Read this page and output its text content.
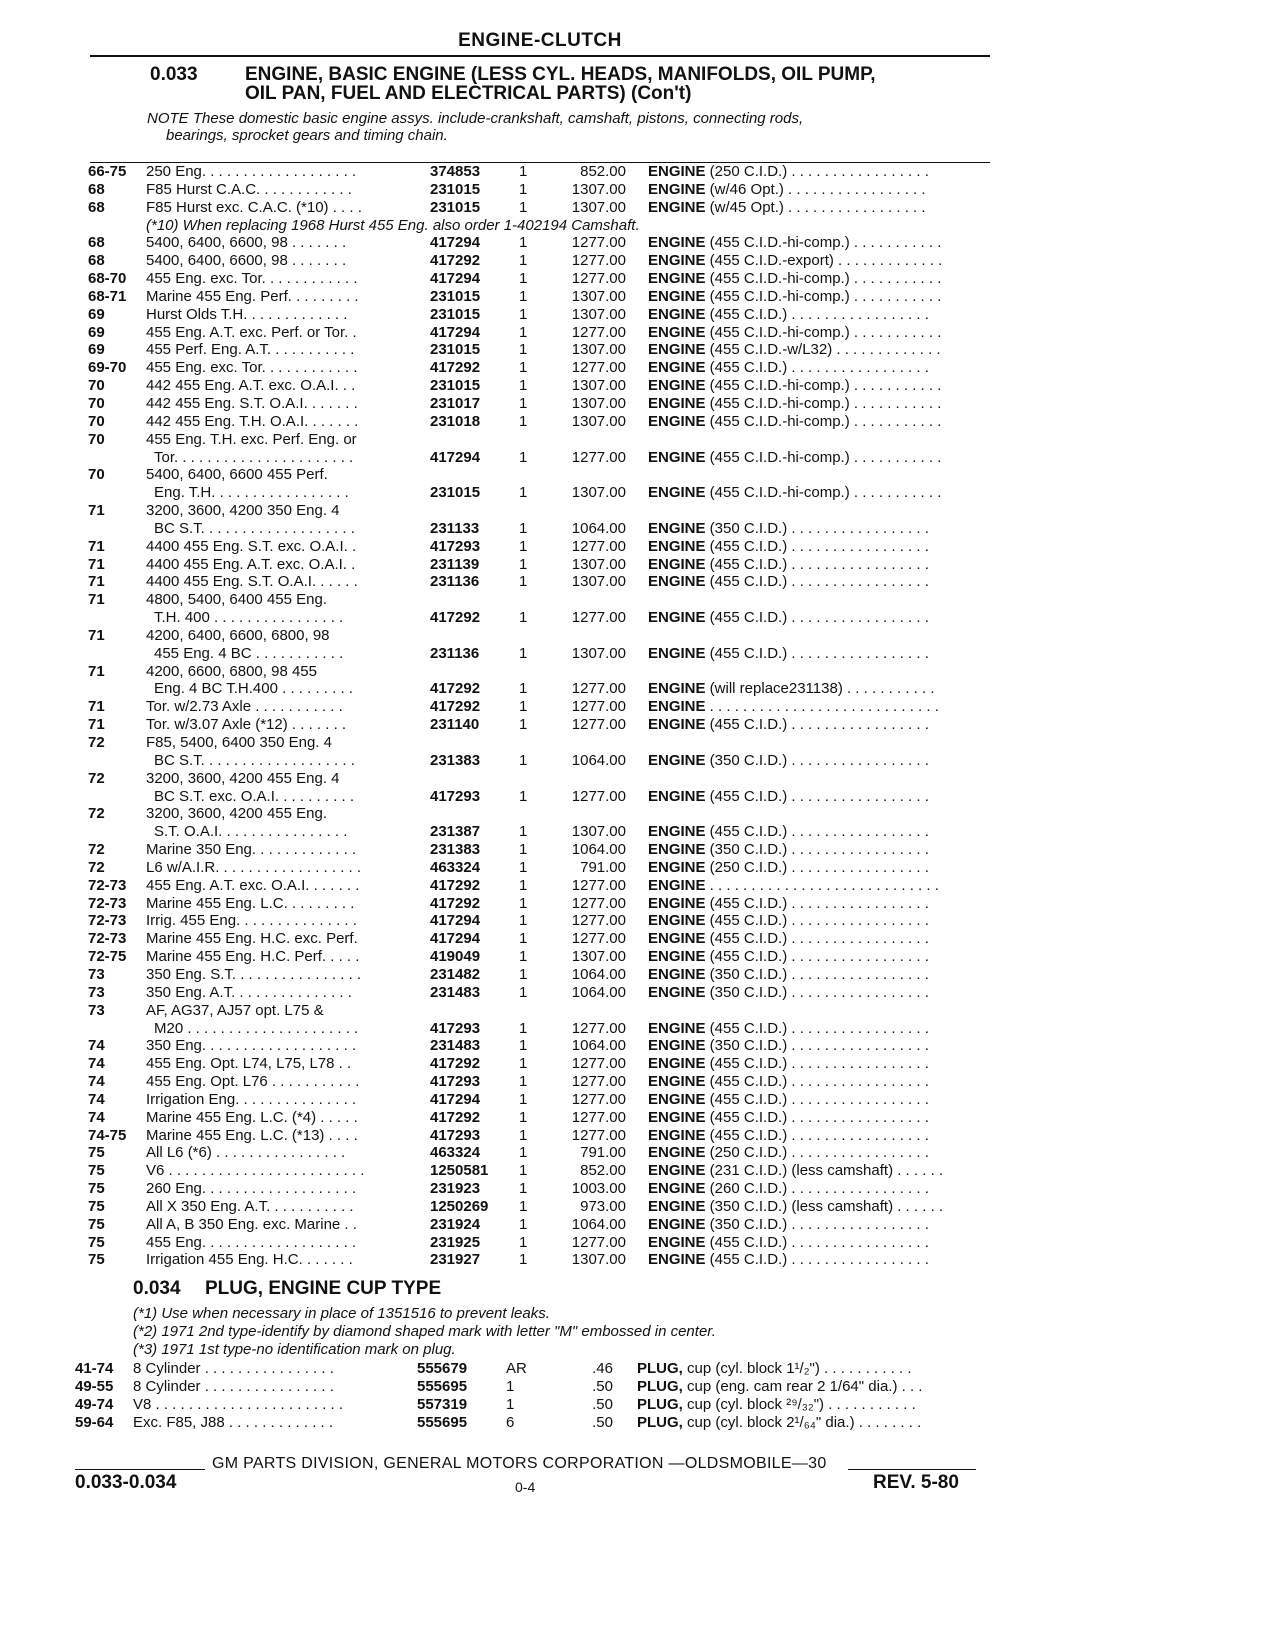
ENGINE-CLUTCH
0.033 ENGINE, BASIC ENGINE (LESS CYL. HEADS, MANIFOLDS, OIL PUMP,
OIL PAN, FUEL AND ELECTRICAL PARTS) (Con't)
NOTE These domestic basic engine assys. include-crankshaft, camshaft, pistons, connecting rods,
bearings, sprocket gears and timing chain.
66-75 250 Eng. . . . . . . . . . . . . . . . . . .	374853	1	852.00 ENGINE (250 C.I.D.) . . . . . . . . . . . . . . . . .
68	F85 Hurst C.A.C. . . . . . . . . . . .	231015	1	1307.00 ENGINE (w/46 Opt.) . . . . . . . . . . . . . . . . .
68	F85 Hurst exc. C.A.C. (*10) . . . .	231015	1	1307.00 ENGINE (w/45 Opt.) . . . . . . . . . . . . . . . . .
(*10) When replacing 1968 Hurst 455 Eng. also order 1-402194 Camshaft.
68	5400, 6400, 6600, 98 . . . . . . .	417294	1	1277.00 ENGINE (455 C.I.D.-hi-comp.) . . . . . . . . . . .
68	5400, 6400, 6600, 98 . . . . . . .	417292	1	1277.00 ENGINE (455 C.I.D.-export) . . . . . . . . . . . . .
68-70 455 Eng. exc. Tor. . . . . . . . . . . .	417294	1	1277.00 ENGINE (455 C.I.D.-hi-comp.) . . . . . . . . . . .
68-71 Marine 455 Eng. Perf. . . . . . . . .	231015	1	1307.00 ENGINE (455 C.I.D.-hi-comp.) . . . . . . . . . . .
69	Hurst Olds T.H. . . . . . . . . . . . .	231015	1	1307.00 ENGINE (455 C.I.D.) . . . . . . . . . . . . . . . . .
69	455 Eng. A.T. exc. Perf. or Tor. .	417294	1	1277.00 ENGINE (455 C.I.D.-hi-comp.) . . . . . . . . . . .
69	455 Perf. Eng. A.T. . . . . . . . . . .	231015	1	1307.00 ENGINE (455 C.I.D.-w/L32) . . . . . . . . . . . . .
69-70 455 Eng. exc. Tor. . . . . . . . . . . .	417292	1	1277.00 ENGINE (455 C.I.D.) . . . . . . . . . . . . . . . . .
70	442 455 Eng. A.T. exc. O.A.I. . .	231015	1	1307.00 ENGINE (455 C.I.D.-hi-comp.) . . . . . . . . . . .
70	442 455 Eng. S.T. O.A.I. . . . . . .	231017	1	1307.00 ENGINE (455 C.I.D.-hi-comp.) . . . . . . . . . . .
70	442 455 Eng. T.H. O.A.I. . . . . . .	231018	1	1307.00 ENGINE (455 C.I.D.-hi-comp.) . . . . . . . . . . .
70	455 Eng. T.H. exc. Perf. Eng. or
Tor. . . . . . . . . . . . . . . . . . . . . .	417294	1	1277.00 ENGINE (455 C.I.D.-hi-comp.) . . . . . . . . . . .
70	5400, 6400, 6600 455 Perf.
Eng. T.H. . . . . . . . . . . . . . . . .	231015	1	1307.00 ENGINE (455 C.I.D.-hi-comp.) . . . . . . . . . . .
71	3200, 3600, 4200 350 Eng. 4
BC S.T. . . . . . . . . . . . . . . . . . .	231133	1	1064.00 ENGINE (350 C.I.D.) . . . . . . . . . . . . . . . . .
71	4400 455 Eng. S.T. exc. O.A.I. .	417293	1	1277.00 ENGINE (455 C.I.D.) . . . . . . . . . . . . . . . . .
71	4400 455 Eng. A.T. exc. O.A.I. .	231139	1	1307.00 ENGINE (455 C.I.D.) . . . . . . . . . . . . . . . . .
71	4400 455 Eng. S.T. O.A.I. . . . . .	231136	1	1307.00 ENGINE (455 C.I.D.) . . . . . . . . . . . . . . . . .
71	4800, 5400, 6400 455 Eng.
T.H. 400 . . . . . . . . . . . . . . . .	417292	1	1277.00 ENGINE (455 C.I.D.) . . . . . . . . . . . . . . . . .
71	4200, 6400, 6600, 6800, 98
455 Eng. 4 BC . . . . . . . . . . .	231136	1	1307.00 ENGINE (455 C.I.D.) . . . . . . . . . . . . . . . . .
71	4200, 6600, 6800, 98 455
Eng. 4 BC T.H.400 . . . . . . . . .	417292	1	1277.00 ENGINE (will replace231138) . . . . . . . . . . .
71	Tor. w/2.73 Axle . . . . . . . . . . .	417292	1	1277.00 ENGINE . . . . . . . . . . . . . . . . . . . . . . . . . . . .
71	Tor. w/3.07 Axle (*12) . . . . . . .	231140	1	1277.00 ENGINE (455 C.I.D.) . . . . . . . . . . . . . . . . .
72	F85, 5400, 6400 350 Eng. 4
BC S.T. . . . . . . . . . . . . . . . . . .	231383	1	1064.00 ENGINE (350 C.I.D.) . . . . . . . . . . . . . . . . .
72	3200, 3600, 4200 455 Eng. 4
BC S.T. exc. O.A.I. . . . . . . . . .	417293	1	1277.00 ENGINE (455 C.I.D.) . . . . . . . . . . . . . . . . .
72	3200, 3600, 4200 455 Eng.
S.T. O.A.I. . . . . . . . . . . . . . . .	231387	1	1307.00 ENGINE (455 C.I.D.) . . . . . . . . . . . . . . . . .
72	Marine 350 Eng. . . . . . . . . . . . .	231383	1	1064.00 ENGINE (350 C.I.D.) . . . . . . . . . . . . . . . . .
72	L6 w/A.I.R. . . . . . . . . . . . . . . . . .	463324	1	791.00 ENGINE (250 C.I.D.) . . . . . . . . . . . . . . . . .
72-73 455 Eng. A.T. exc. O.A.I. . . . . . .	417292	1	1277.00 ENGINE . . . . . . . . . . . . . . . . . . . . . . . . . . . .
72-73 Marine 455 Eng. L.C. . . . . . . . .	417292	1	1277.00 ENGINE (455 C.I.D.) . . . . . . . . . . . . . . . . .
72-73 Irrig. 455 Eng. . . . . . . . . . . . . . .	417294	1	1277.00 ENGINE (455 C.I.D.) . . . . . . . . . . . . . . . . .
72-73 Marine 455 Eng. H.C. exc. Perf.	417294	1	1277.00 ENGINE (455 C.I.D.) . . . . . . . . . . . . . . . . .
72-75 Marine 455 Eng. H.C. Perf. . . . .	419049	1	1307.00 ENGINE (455 C.I.D.) . . . . . . . . . . . . . . . . .
73	350 Eng. S.T. . . . . . . . . . . . . . . .	231482	1	1064.00 ENGINE (350 C.I.D.) . . . . . . . . . . . . . . . . .
73	350 Eng. A.T. . . . . . . . . . . . . . .	231483	1	1064.00 ENGINE (350 C.I.D.) . . . . . . . . . . . . . . . . .
73	AF, AG37, AJ57 opt. L75 &
M20 . . . . . . . . . . . . . . . . . . . . .	417293	1	1277.00 ENGINE (455 C.I.D.) . . . . . . . . . . . . . . . . .
74	350 Eng. . . . . . . . . . . . . . . . . . .	231483	1	1064.00 ENGINE (350 C.I.D.) . . . . . . . . . . . . . . . . .
74	455 Eng. Opt. L74, L75, L78 . .	417292	1	1277.00 ENGINE (455 C.I.D.) . . . . . . . . . . . . . . . . .
74	455 Eng. Opt. L76 . . . . . . . . . . .	417293	1	1277.00 ENGINE (455 C.I.D.) . . . . . . . . . . . . . . . . .
74	Irrigation Eng. . . . . . . . . . . . . . .	417294	1	1277.00 ENGINE (455 C.I.D.) . . . . . . . . . . . . . . . . .
74	Marine 455 Eng. L.C. (*4) . . . . .	417292	1	1277.00 ENGINE (455 C.I.D.) . . . . . . . . . . . . . . . . .
74-75 Marine 455 Eng. L.C. (*13) . . . .	417293	1	1277.00 ENGINE (455 C.I.D.) . . . . . . . . . . . . . . . . .
75	All L6 (*6) . . . . . . . . . . . . . . . .	463324	1	791.00 ENGINE (250 C.I.D.) . . . . . . . . . . . . . . . . .
75	V6 . . . . . . . . . . . . . . . . . . . . . . . .	1250581 1	852.00 ENGINE (231 C.I.D.) (less camshaft) . . . . . .
75	260 Eng. . . . . . . . . . . . . . . . . . .	231923	1	1003.00 ENGINE (260 C.I.D.) . . . . . . . . . . . . . . . . .
75	All X 350 Eng. A.T. . . . . . . . . . .	1250269 1	973.00 ENGINE (350 C.I.D.) (less camshaft) . . . . . .
75	All A, B 350 Eng. exc. Marine . .	231924	1	1064.00 ENGINE (350 C.I.D.) . . . . . . . . . . . . . . . . .
75	455 Eng. . . . . . . . . . . . . . . . . . .	231925	1	1277.00 ENGINE (455 C.I.D.) . . . . . . . . . . . . . . . . .
75	Irrigation 455 Eng. H.C. . . . . . .	231927	1	1307.00 ENGINE (455 C.I.D.) . . . . . . . . . . . . . . . . .
0.034 PLUG, ENGINE CUP TYPE
(*1) Use when necessary in place of 1351516 to prevent leaks.
(*2) 1971 2nd type-identify by diamond shaped mark with letter "M" embossed in center.
(*3) 1971 1st type-no identification mark on plug.
41-74 8 Cylinder . . . . . . . . . . . . . . . .	555679	AR	.46 PLUG, cup (cyl. block 1¹/₂") . . . . . . . . . . .
49-55 8 Cylinder . . . . . . . . . . . . . . . .	555695	1	.50 PLUG, cup (eng. cam rear 2 1/64" dia.) . . .
49-74 V8 . . . . . . . . . . . . . . . . . . . . . . .	557319	1	.50 PLUG, cup (cyl. block ²⁹/₃₂") . . . . . . . . . . .
59-64 Exc. F85, J88 . . . . . . . . . . . . .	555695	6	.50 PLUG, cup (cyl. block 2¹/₆₄" dia.) . . . . . . . .
GM PARTS DIVISION, GENERAL MOTORS CORPORATION —OLDSMOBILE—30
0.033-0.034	0-4	REV. 5-80
